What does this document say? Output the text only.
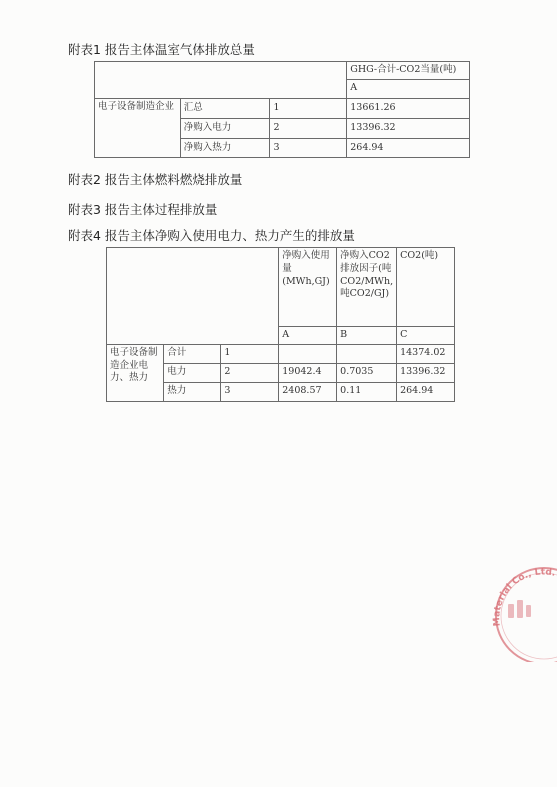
附表1 报告主体温室气体排放总量
			GHG-合计-CO2当量(吨)
			A
电子设备制造企业	汇总	1	13661.26
	净购入电力	2	13396.32
	净购入热力	3	264.94
附表2 报告主体燃料燃烧排放量
附表3 报告主体过程排放量
附表4 报告主体净购入使用电力、热力产生的排放量
			净购入使用量(MWh,GJ)	净购入CO2排放因子(吨CO2/MWh,吨CO2/GJ)	CO2(吨)
			A	B	C
电子设备制造企业电力、热力	合计	1			14374.02
	电力	2	19042.4	0.7035	13396.32
	热力	3	2408.57	0.11	264.94
Material Co., Ltd.
